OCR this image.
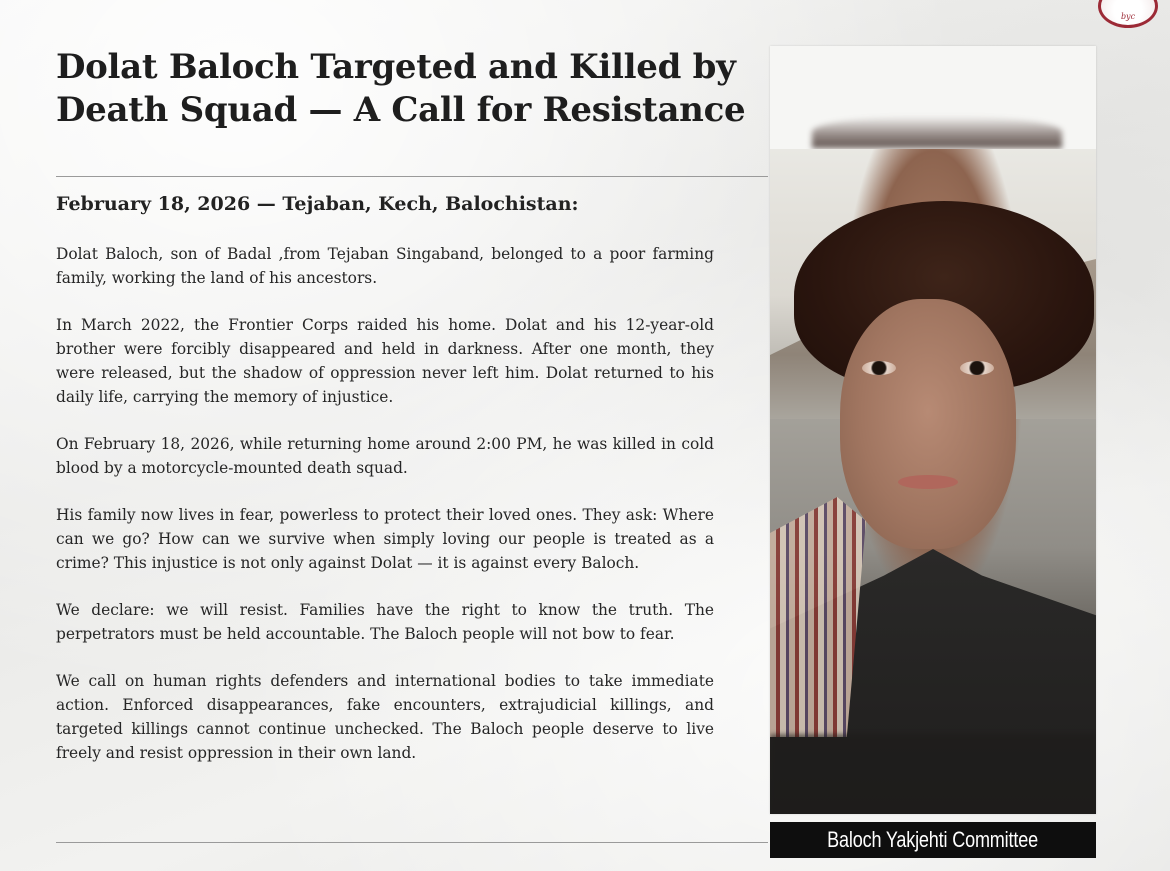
byc
Dolat Baloch Targeted and Killed by Death Squad — A Call for Resistance

February 18, 2026 — Tejaban, Kech, Balochistan:

Dolat Baloch, son of Badal ,from Tejaban Singaband, belonged to a poor farming family, working the land of his ancestors.

In March 2022, the Frontier Corps raided his home. Dolat and his 12-year-old brother were forcibly disappeared and held in darkness. After one month, they were released, but the shadow of oppression never left him. Dolat returned to his daily life, carrying the memory of injustice.

On February 18, 2026, while returning home around 2:00 PM, he was killed in cold blood by a motorcycle-mounted death squad.

His family now lives in fear, powerless to protect their loved ones. They ask: Where can we go? How can we survive when simply loving our people is treated as a crime? This injustice is not only against Dolat — it is against every Baloch.

We declare: we will resist. Families have the right to know the truth. The perpetrators must be held accountable. The Baloch people will not bow to fear.

We call on human rights defenders and international bodies to take immediate action. Enforced disappearances, fake encounters, extrajudicial killings, and targeted killings cannot continue unchecked. The Baloch people deserve to live freely and resist oppression in their own land.

Baloch Yakjehti Committee
